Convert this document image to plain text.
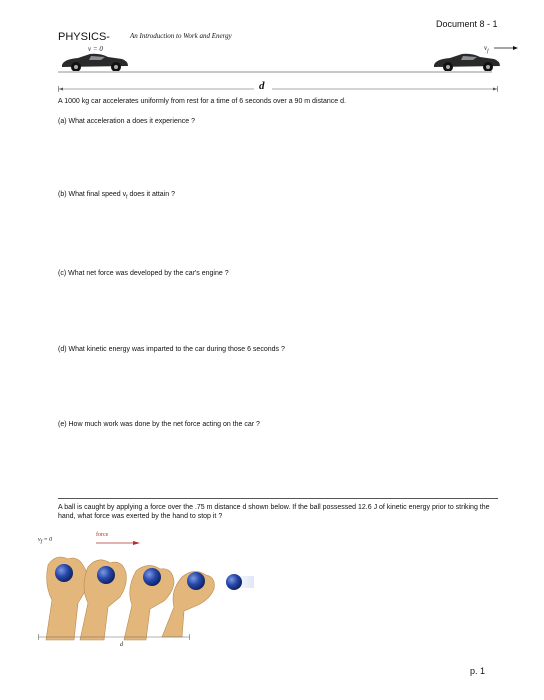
Document 8 - 1
PHYSICS-	An Introduction to Work and Energy
v = 0	$v_f$
d
A 1000 kg car accelerates uniformly from rest for a time of 6 seconds over a 90 m distance d.
(a) What acceleration a does it experience ?
(b) What final speed $v_f$ does it attain ?
(c) What net force was developed by the car's engine ?
(d) What kinetic energy was imparted to the car during those 6 seconds ?
(e) How much work was done by the net force acting on the car ?
A ball is caught by applying a force over the .75 m distance d shown below. If the ball possessed 12.6 J of kinetic energy prior to striking the hand, what force was exerted by the hand to stop it ?
$v_f = 0$
force
d
p. 1
